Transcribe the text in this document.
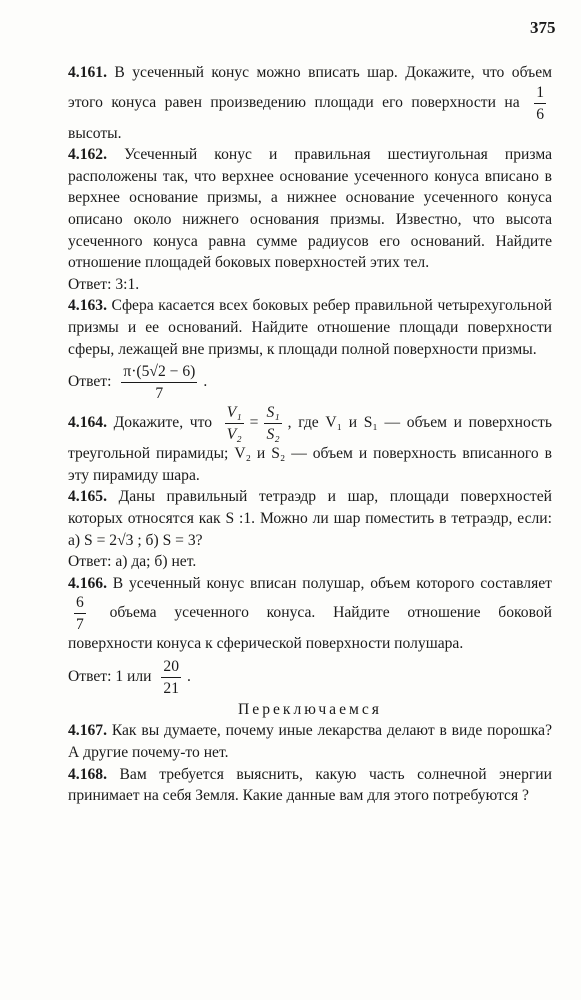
375

4.161. В усеченный конус можно вписать шар. Докажите, что объем этого конуса равен произведению площади его поверхности на $\frac{1}{6}$
высоты.

4.162. Усеченный конус и правильная шестиугольная призма расположены так, что верхнее основание усеченного конуса вписано в верхнее основание призмы, а нижнее основание усеченного конуса описано около нижнего основания призмы. Известно, что высота усеченного конуса равна сумме радиусов его оснований. Найдите отношение площадей боковых поверхностей этих тел.

Ответ: 3:1.

4.163. Сфера касается всех боковых ребер правильной четырехугольной призмы и ее оснований. Найдите отношение площади поверхности сферы, лежащей вне призмы, к площади полной поверхности призмы.

Ответ: $\frac{\pi\cdot(5√2 - 6)}{7}$ .

4.164. Докажите, что $\frac{\text{V₁}}{\text{V₂}} = \frac{\text{S₁}}{\text{S₂}}$ , где V₁ и S₁ — объем и поверхность треугольной пирамиды; V₂ и S₂ — объем и поверхность вписанного в эту пирамиду шара.

4.165. Даны правильный тетраэдр и шар, площади поверхностей которых относятся как S :1. Можно ли шар поместить в тетраэдр, если: а) S = 2√3 ; б) S = 3?

Ответ: а) да; б) нет.

4.166. В усеченный конус вписан полушар, объем которого составляет
$\frac{6}{7}$ объема усеченного конуса. Найдите отношение боковой поверхности конуса к сферической поверхности полушара.

Ответ: 1 или $\frac{20}{21}$ .

Переключаемся

4.167. Как вы думаете, почему иные лекарства делают в виде порошка? А другие почему-то нет.

4.168. Вам требуется выяснить, какую часть солнечной энергии принимает на себя Земля. Какие данные вам для этого потребуются ?
